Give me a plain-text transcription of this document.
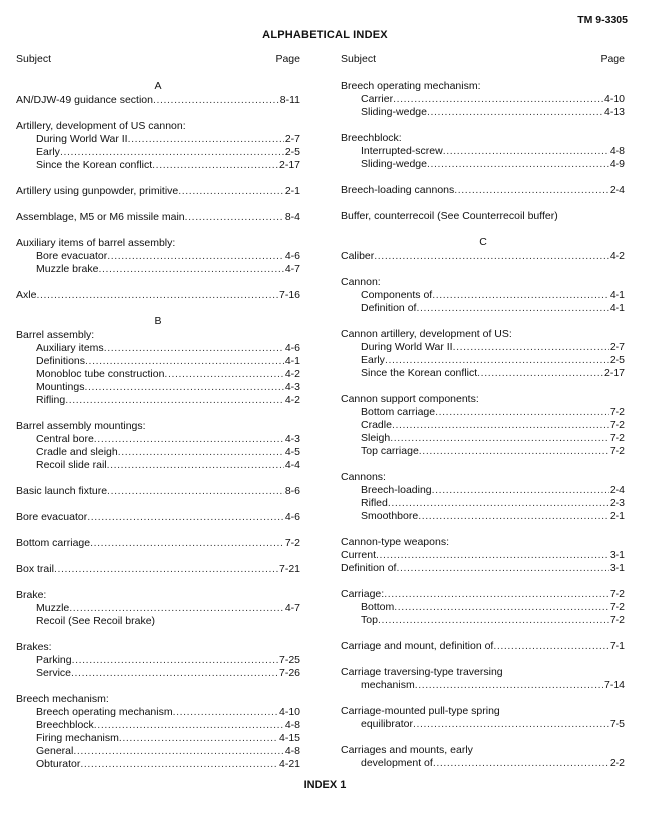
TM 9-3305
ALPHABETICAL INDEX
Subject	Page
A
AN/DJW-49 guidance section .....	8-11
Artillery, development of US cannon:
During World War II .....	2-7
Early .....	2-5
Since the Korean conflict .....	2-17
Artillery using gunpowder, primitive .....	2-1
Assemblage, M5 or M6 missile main .....	8-4
Auxiliary items of barrel assembly:
Bore evacuator .....	4-6
Muzzle brake .....	4-7
Axle .....	7-16
B
Barrel assembly:
Auxiliary items .....	4-6
Definitions .....	4-1
Monobloc tube construction .....	4-2
Mountings .....	4-3
Rifling .....	4-2
Barrel assembly mountings:
Central bore .....	4-3
Cradle and sleigh .....	4-5
Recoil slide rail .....	4-4
Basic launch fixture .....	8-6
Bore evacuator .....	4-6
Bottom carriage .....	7-2
Box trail .....	7-21
Brake:
Muzzle .....	4-7
Recoil (See Recoil brake)
Brakes:
Parking .....	7-25
Service .....	7-26
Breech mechanism:
Breech operating mechanism .....	4-10
Breechblock .....	4-8
Firing mechanism .....	4-15
General .....	4-8
Obturator .....	4-21
Subject	Page
Breech operating mechanism:
Carrier .....	4-10
Sliding-wedge .....	4-13
Breechblock:
Interrupted-screw .....	4-8
Sliding-wedge .....	4-9
Breech-loading cannons .....	2-4
Buffer, counterrecoil (See Counterrecoil buffer)
C
Caliber .....	4-2
Cannon:
Components of .....	4-1
Definition of .....	4-1
Cannon artillery, development of US:
During World War II .....	2-7
Early .....	2-5
Since the Korean conflict .....	2-17
Cannon support components:
Bottom carriage .....	7-2
Cradle .....	7-2
Sleigh .....	7-2
Top carriage .....	7-2
Cannons:
Breech-loading .....	2-4
Rifled .....	2-3
Smoothbore .....	2-1
Cannon-type weapons:
Current .....	3-1
Definition of .....	3-1
Carriage: .....	7-2
Bottom .....	7-2
Top .....	7-2
Carriage and mount, definition of .....	7-1
Carriage traversing-type traversing
mechanism .....	7-14
Carriage-mounted pull-type spring
equilibrator .....	7-5
Carriages and mounts, early
development of .....	2-2
INDEX 1
